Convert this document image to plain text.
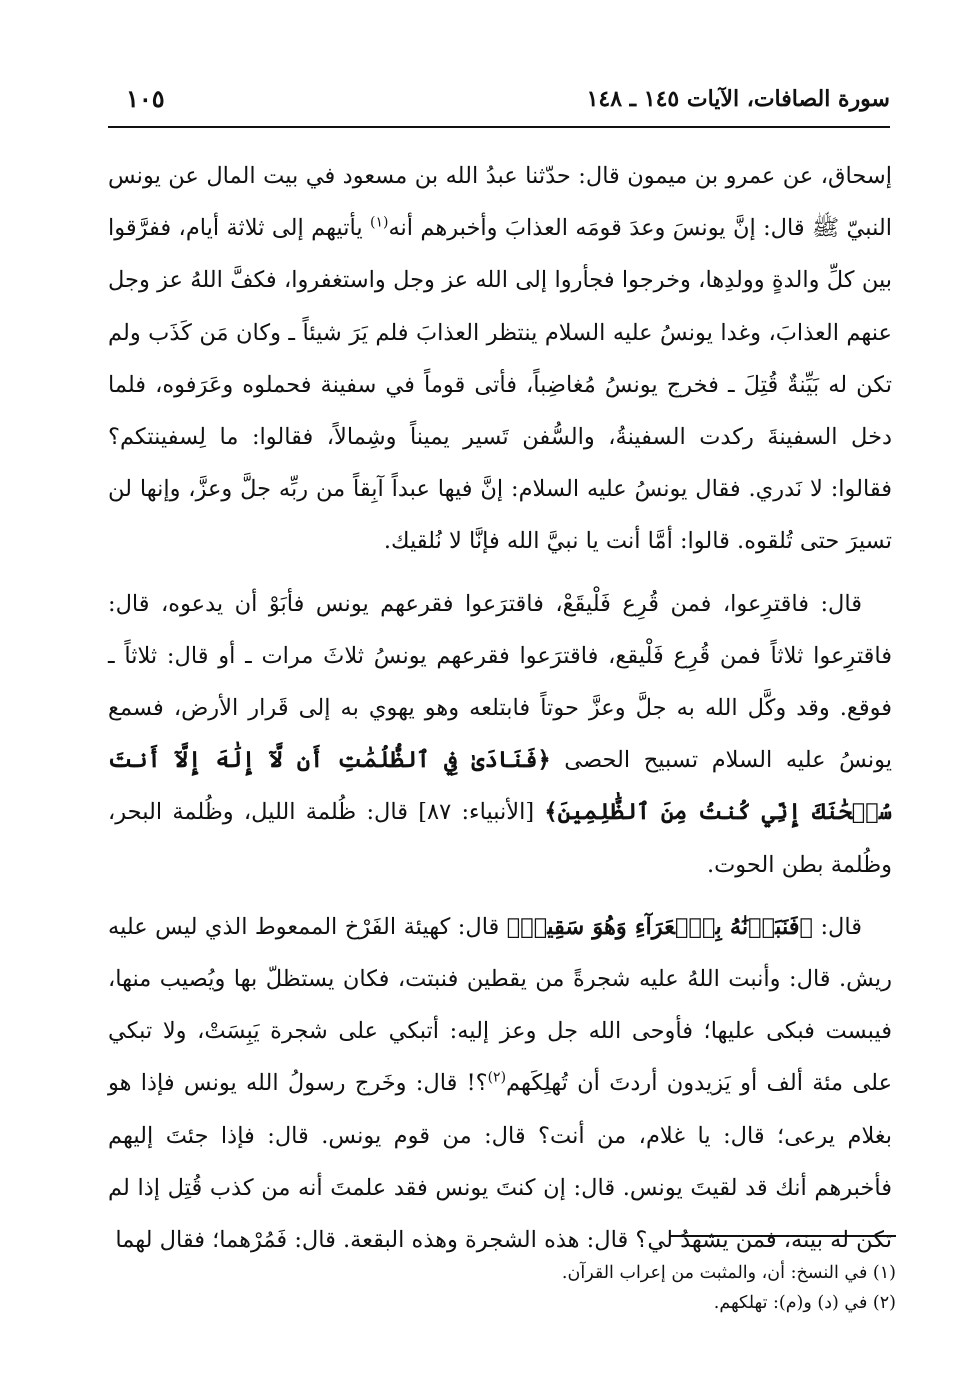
سورة الصافات، الآيات ١٤٥ ـ ١٤٨
١٠٥

إسحاق، عن عمرو بن ميمون قال: حدّثنا عبدُ الله بن مسعود في بيت المال عن يونس النبيّ ﷺ قال: إنَّ يونسَ وعدَ قومَه العذابَ وأخبرهم أنه$^{(١)}$ يأتيهم إلى ثلاثة أيام، ففرَّقوا بين كلِّ والدةٍ وولدِها، وخرجوا فجأروا إلى الله عز وجل واستغفروا، فكفَّ اللهُ عز وجل عنهم العذابَ، وغدا يونسُ عليه السلام ينتظر العذابَ فلم يَرَ شيئاً ـ وكان مَن كَذَب ولم تكن له بَيِّنةٌ قُتِلَ ـ فخرج يونسُ مُغاضِباً، فأتى قوماً في سفينة فحملوه وعَرَفوه، فلما دخل السفينةَ ركدت السفينةُ، والسُّفن تَسير يميناً وشِمالاً، فقالوا: ما لِسفينتكم؟ فقالوا: لا نَدري. فقال يونسُ عليه السلام: إنَّ فيها عبداً آبِقاً من ربِّه جلَّ وعزَّ، وإنها لن تسيرَ حتى تُلقوه. قالوا: أمَّا أنت يا نبيَّ الله فإنَّا لا نُلقيك.

قال: فاقترِعوا، فمن قُرِع فَلْيقَعْ، فاقترَعوا فقرعهم يونس فأبَوْ أن يدعوه، قال: فاقترِعوا ثلاثاً فمن قُرِع فَلْيقع، فاقترَعوا فقرعهم يونسُ ثلاثَ مرات ـ أو قال: ثلاثاً ـ فوقع. وقد وكَّل الله به جلَّ وعزَّ حوتاً فابتلعه وهو يهوي به إلى قَرار الأرض، فسمع يونسُ عليه السلام تسبيح الحصى ﴿فَنَادَىٰ فِي ٱلظُّلُمَٰتِ أَن لَّآ إِلَٰهَ إِلَّآ أَنتَ سُبۡحَٰنَكَ إِنِّي كُنتُ مِنَ ٱلظَّٰلِمِينَ﴾ [الأنبياء: ٨٧] قال: ظُلمة الليل، وظُلمة البحر، وظُلمة بطن الحوت.

قال: ﴿فَنَبَذۡنَٰهُ بِٱلۡعَرَآءِ وَهُوَ سَقِيمٞ﴾ قال: كهيئة الفَرْخ الممعوط الذي ليس عليه ريش. قال: وأنبت اللهُ عليه شجرةً من يقطين فنبتت، فكان يستظلّ بها ويُصيب منها، فيبست فبكى عليها؛ فأوحى الله جل وعز إليه: أتبكي على شجرة يَبِسَتْ، ولا تبكي على مئة ألف أو يَزيدون أردتَ أن تُهلِكَهم$^{(٢)}$؟! قال: وخَرج رسولُ الله يونس فإذا هو بغلام يرعى؛ قال: يا غلام، من أنت؟ قال: من قوم يونس. قال: فإذا جئتَ إليهم فأخبرهم أنك قد لقيتَ يونس. قال: إن كنتَ يونس فقد علمتَ أنه من كذب قُتِل إذا لم تكن له بينة، فمن يشهدُ لي؟ قال: هذه الشجرة وهذه البقعة. قال: فَمُرْهما؛ فقال لهما

(١) في النسخ: أن، والمثبت من إعراب القرآن.

(٢) في (د) و(م): تهلكهم.
